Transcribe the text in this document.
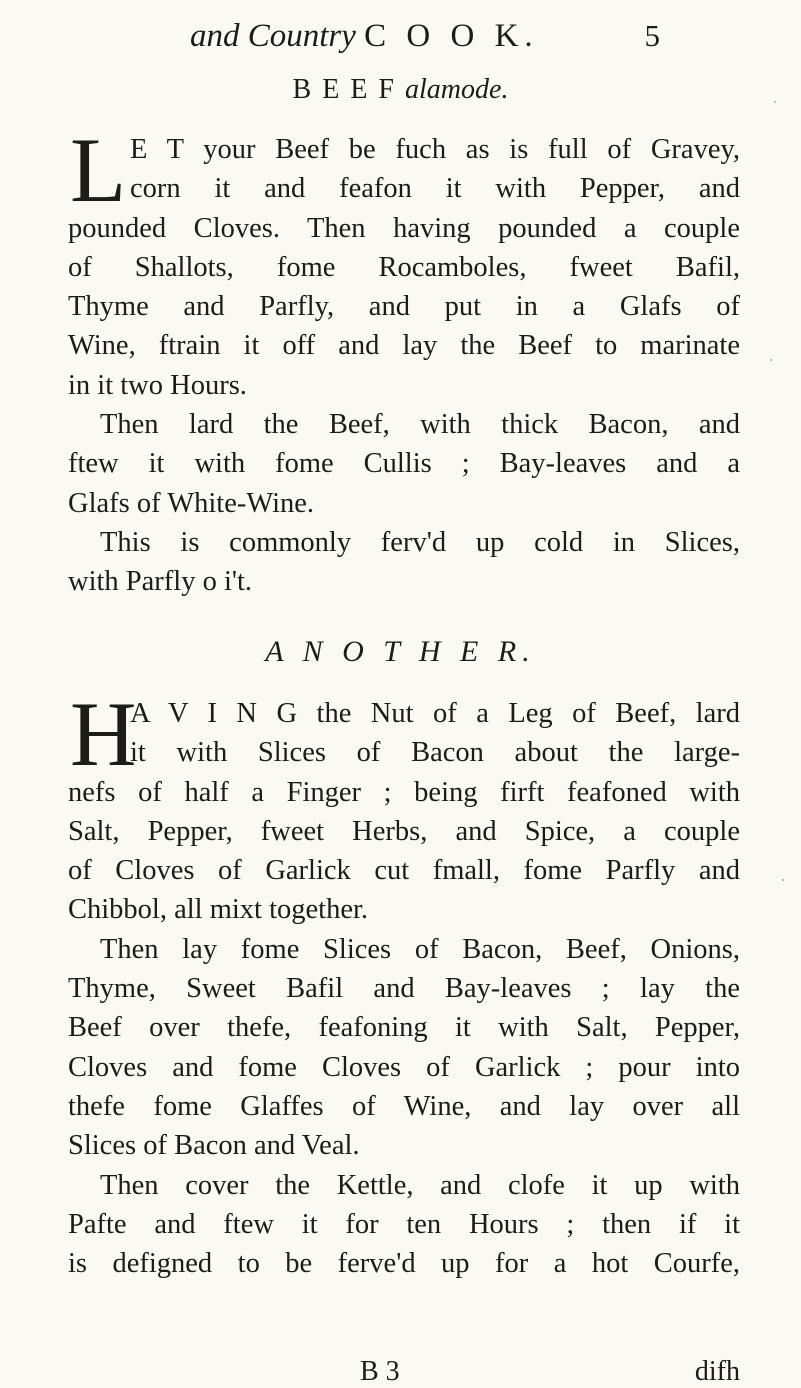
and Country C O O K.	5
B E E F alamode.
L E T your Beef be fuch as is full of Gravey,
corn it and feafon it with Pepper, and
pounded Cloves. Then having pounded a couple
of Shallots, fome Rocamboles, fweet Bafil,
Thyme and Parfly, and put in a Glafs of
Wine, ftrain it off and lay the Beef to marinate
in it two Hours.
Then lard the Beef, with thick Bacon, and
ftew it with fome Cullis ; Bay-leaves and a
Glafs of White-Wine.
This is commonly ferv'd up cold in Slices,
with Parfly o i't.
A N O T H E R.
H
A V I N G the Nut of a Leg of Beef, lard
it with Slices of Bacon about the large-
nefs of half a Finger ; being firft feafoned with
Salt, Pepper, fweet Herbs, and Spice, a couple
of Cloves of Garlick cut fmall, fome Parfly and
Chibbol, all mixt together.
Then lay fome Slices of Bacon, Beef, Onions,
Thyme, Sweet Bafil and Bay-leaves ; lay the
Beef over thefe, feafoning it with Salt, Pepper,
Cloves and fome Cloves of Garlick ; pour into
thefe fome Glaffes of Wine, and lay over all
Slices of Bacon and Veal.
Then cover the Kettle, and clofe it up with
Pafte and ftew it for ten Hours ; then if it
is defigned to be ferve'd up for a hot Courfe,
B 3	difh
·
·
·
